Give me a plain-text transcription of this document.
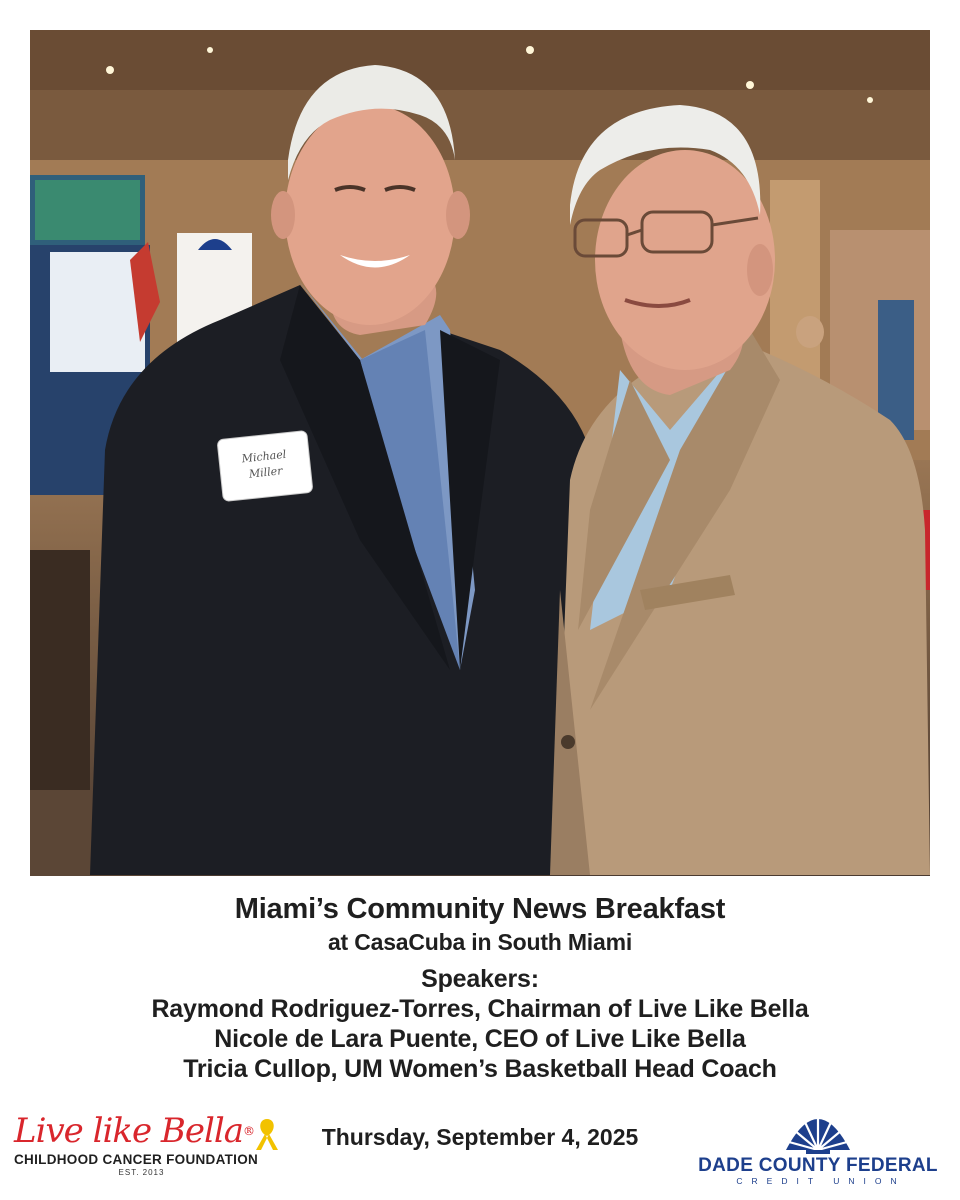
Michael
Miller
Miami’s Community News Breakfast
at CasaCuba in South Miami
Speakers:
Raymond Rodriguez-Torres, Chairman of Live Like Bella
Nicole de Lara Puente, CEO of Live Like Bella
Tricia Cullop, UM Women’s Basketball Head Coach
Thursday, September 4, 2025
Live like Bella®
CHILDHOOD CANCER FOUNDATION
EST. 2013	DADE COUNTY FEDERAL
CREDIT UNION
